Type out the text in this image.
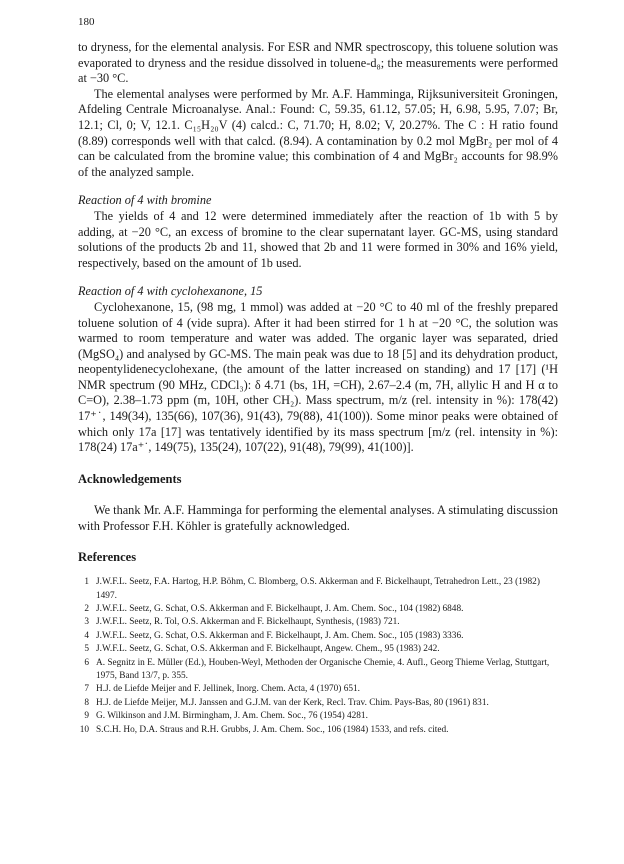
180

to dryness, for the elemental analysis. For ESR and NMR spectroscopy, this toluene solution was evaporated to dryness and the residue dissolved in toluene-d₈; the measurements were performed at −30 °C.

The elemental analyses were performed by Mr. A.F. Hamminga, Rijksuniversiteit Groningen, Afdeling Centrale Microanalyse. Anal.: Found: C, 59.35, 61.12, 57.05; H, 6.98, 5.95, 7.07; Br, 12.1; Cl, 0; V, 12.1. C₁₅H₂₀V (4) calcd.: C, 71.70; H, 8.02; V, 20.27%. The C : H ratio found (8.89) corresponds well with that calcd. (8.94). A contamination by 0.2 mol MgBr₂ per mol of 4 can be calculated from the bromine value; this combination of 4 and MgBr₂ accounts for 98.9% of the analyzed sample.

Reaction of 4 with bromine

The yields of 4 and 12 were determined immediately after the reaction of 1b with 5 by adding, at −20 °C, an excess of bromine to the clear supernatant layer. GC-MS, using standard solutions of the products 2b and 11, showed that 2b and 11 were formed in 30% and 16% yield, respectively, based on the amount of 1b used.

Reaction of 4 with cyclohexanone, 15

Cyclohexanone, 15, (98 mg, 1 mmol) was added at −20 °C to 40 ml of the freshly prepared toluene solution of 4 (vide supra). After it had been stirred for 1 h at −20 °C, the solution was warmed to room temperature and water was added. The organic layer was separated, dried (MgSO₄) and analysed by GC-MS. The main peak was due to 18 [5] and its dehydration product, neopentylidenecyclohexane, (the amount of the latter increased on standing) and 17 [17] (¹H NMR spectrum (90 MHz, CDCl₃): δ 4.71 (bs, 1H, =CH), 2.67–2.4 (m, 7H, allylic H and H α to C=O), 2.38–1.73 ppm (m, 10H, other CH₂). Mass spectrum, m/z (rel. intensity in %): 178(42) 17⁺˙, 149(34), 135(66), 107(36), 91(43), 79(88), 41(100)). Some minor peaks were obtained of which only 17a [17] was tentatively identified by its mass spectrum [m/z (rel. intensity in %): 178(24) 17a⁺˙, 149(75), 135(24), 107(22), 91(48), 79(99), 41(100)].

Acknowledgements

We thank Mr. A.F. Hamminga for performing the elemental analyses. A stimulating discussion with Professor F.H. Köhler is gratefully acknowledged.

References

1 J.W.F.L. Seetz, F.A. Hartog, H.P. Böhm, C. Blomberg, O.S. Akkerman and F. Bickelhaupt, Tetrahedron Lett., 23 (1982) 1497.
2 J.W.F.L. Seetz, G. Schat, O.S. Akkerman and F. Bickelhaupt, J. Am. Chem. Soc., 104 (1982) 6848.
3 J.W.F.L. Seetz, R. Tol, O.S. Akkerman and F. Bickelhaupt, Synthesis, (1983) 721.
4 J.W.F.L. Seetz, G. Schat, O.S. Akkerman and F. Bickelhaupt, J. Am. Chem. Soc., 105 (1983) 3336.
5 J.W.F.L. Seetz, G. Schat, O.S. Akkerman and F. Bickelhaupt, Angew. Chem., 95 (1983) 242.
6 A. Segnitz in E. Müller (Ed.), Houben-Weyl, Methoden der Organische Chemie, 4. Aufl., Georg Thieme Verlag, Stuttgart, 1975, Band 13/7, p. 355.
7 H.J. de Liefde Meijer and F. Jellinek, Inorg. Chem. Acta, 4 (1970) 651.
8 H.J. de Liefde Meijer, M.J. Janssen and G.J.M. van der Kerk, Recl. Trav. Chim. Pays-Bas, 80 (1961) 831.
9 G. Wilkinson and J.M. Birmingham, J. Am. Chem. Soc., 76 (1954) 4281.
10 S.C.H. Ho, D.A. Straus and R.H. Grubbs, J. Am. Chem. Soc., 106 (1984) 1533, and refs. cited.
